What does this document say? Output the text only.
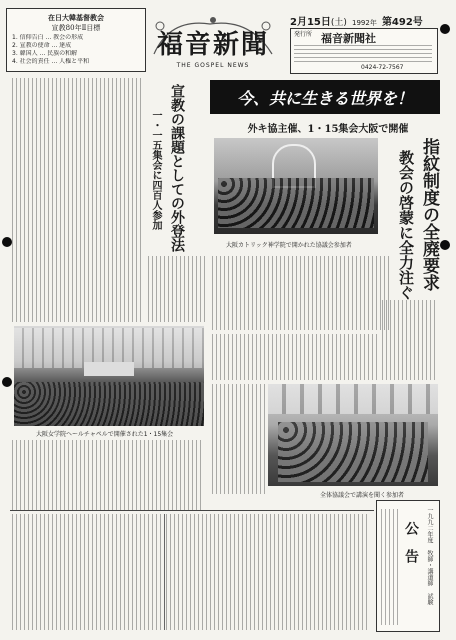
在日大韓基督教会
宣教80年Ⅱ目標
1. 信仰告白 ... 教会の形成
2. 宣教の使命 ... 達成
3. 韓国人 ... 民族の和解
4. 社会的責任 ... 人権と平和
福音新聞
THE GOSPEL NEWS
2月15日(土) 1992年 第492号
発行所 福音新聞社
0424-72-7567
宣教の課題としての外登法
一・一五集会に四百人参加
大阪女学院ヘールチャペルで開催された1・15集会
今、共に生きる世界を！
外キ協主催、1・15集会大阪で開催
大阪カトリック神学院で開かれた協議会参加者	指紋制度の全廃要求
教会の啓蒙に全力注ぐ
全体協議会で講演を聞く参加者
一九九二年度 牧師・講道師 試験
公告
